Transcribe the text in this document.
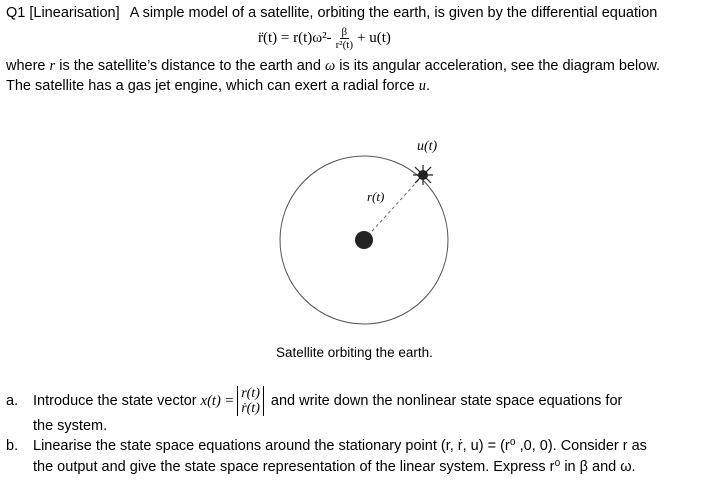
Q1 [Linearisation] A simple model of a satellite, orbiting the earth, is given by the differential equation
r̈(t) = $r(t)\omega^2- \frac{\beta}{\text{r²(t)}} + u(t)$
where r is the satellite’s distance to the earth and ω is its angular acceleration, see the diagram below.
The satellite has a gas jet engine, which can exert a radial force u.
u(t)
r(t)
Satellite orbiting the earth.
a. Introduce the state vector x(t) = r(t)
ṙ(t) and write down the nonlinear state space equations for
the system.
b. Linearise the state space equations around the stationary point (r, ṙ, u) = (r⁰ ,0, 0). Consider r as
the output and give the state space representation of the linear system. Express r⁰ in β and ω.
